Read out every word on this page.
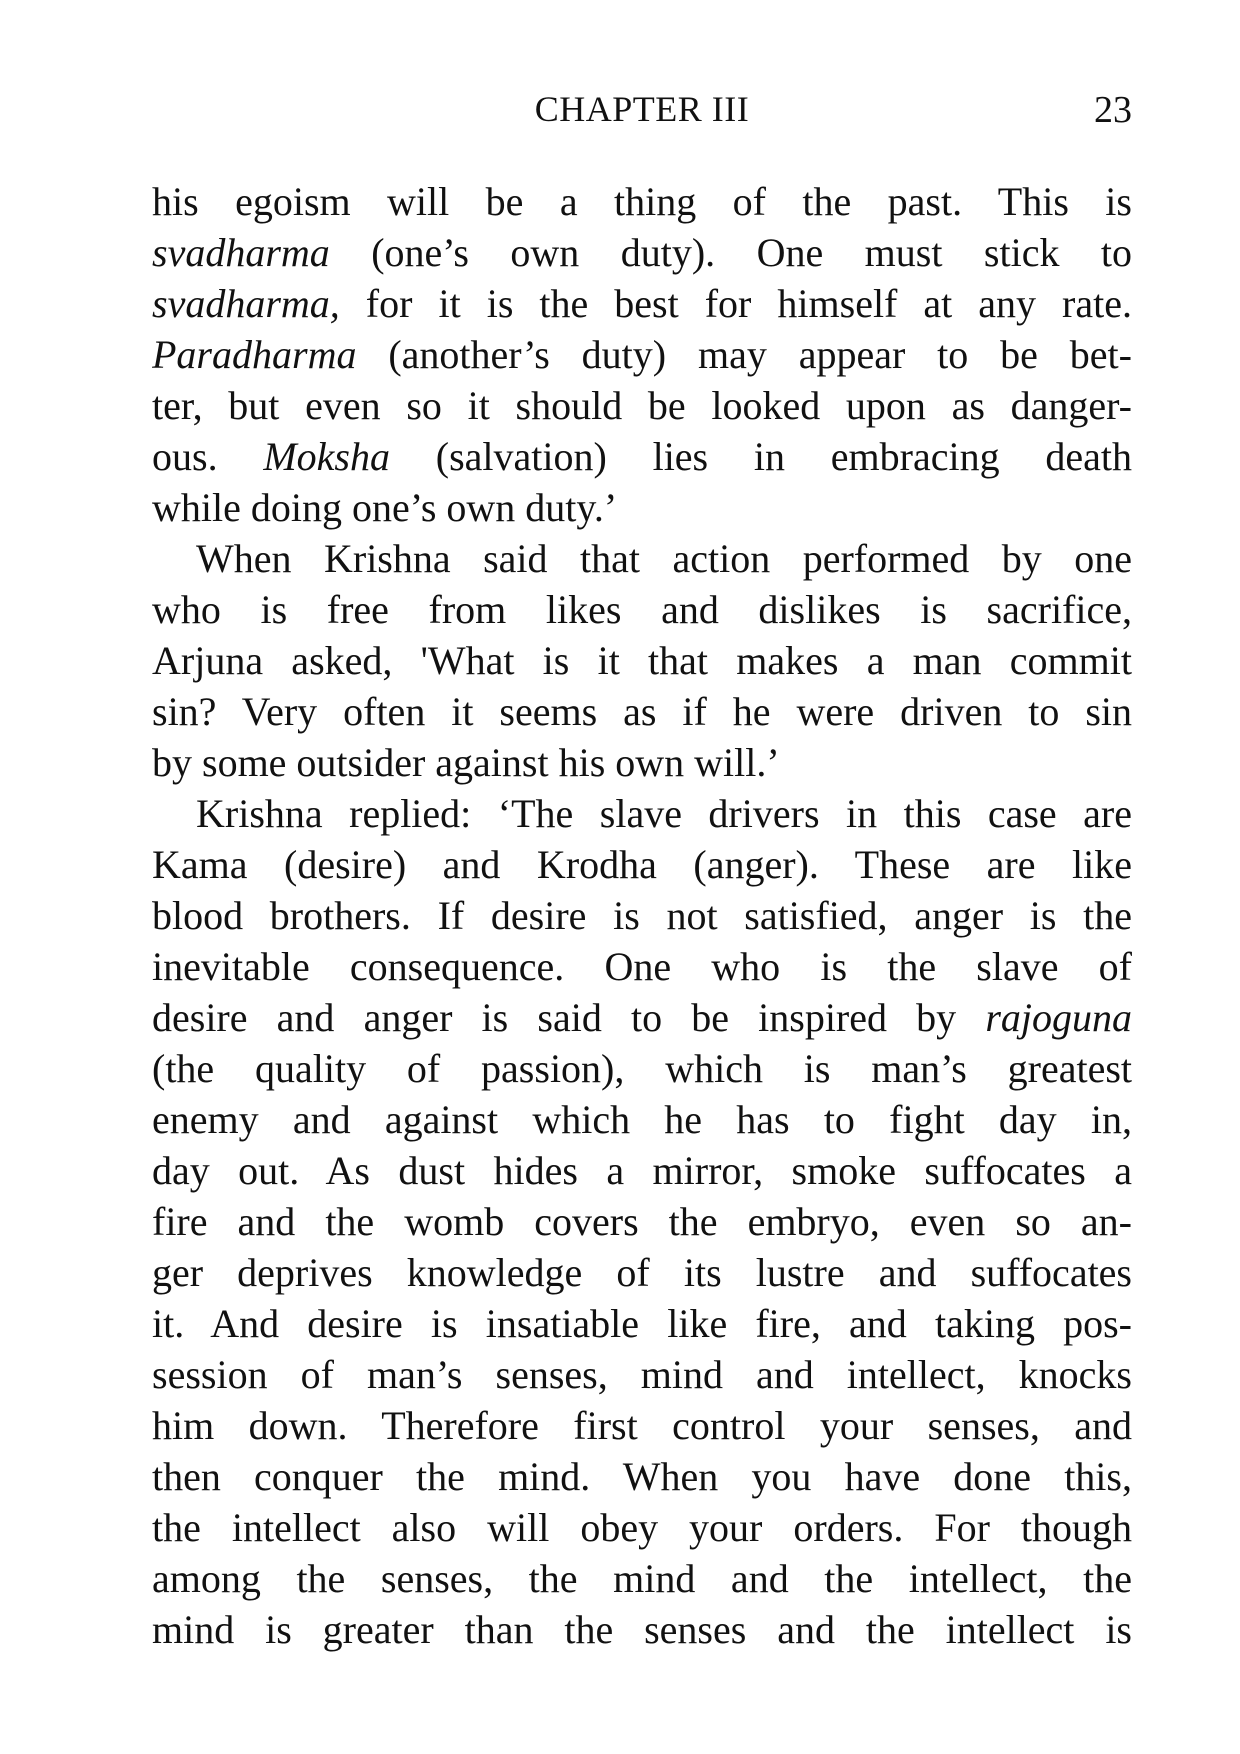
CHAPTER III	23
his egoism will be a thing of the past. This is
svadharma (one’s own duty). One must stick to
svadharma, for it is the best for himself at any rate.
Paradharma (another’s duty) may appear to be bet-
ter, but even so it should be looked upon as danger-
ous. Moksha (salvation) lies in embracing death
while doing one’s own duty.’
When Krishna said that action performed by one
who is free from likes and dislikes is sacrifice,
Arjuna asked, 'What is it that makes a man commit
sin? Very often it seems as if he were driven to sin
by some outsider against his own will.’
Krishna replied: ‘The slave drivers in this case are
Kama (desire) and Krodha (anger). These are like
blood brothers. If desire is not satisfied, anger is the
inevitable consequence. One who is the slave of
desire and anger is said to be inspired by rajoguna
(the quality of passion), which is man’s greatest
enemy and against which he has to fight day in,
day out. As dust hides a mirror, smoke suffocates a
fire and the womb covers the embryo, even so an-
ger deprives knowledge of its lustre and suffocates
it. And desire is insatiable like fire, and taking pos-
session of man’s senses, mind and intellect, knocks
him down. Therefore first control your senses, and
then conquer the mind. When you have done this,
the intellect also will obey your orders. For though
among the senses, the mind and the intellect, the
mind is greater than the senses and the intellect is
